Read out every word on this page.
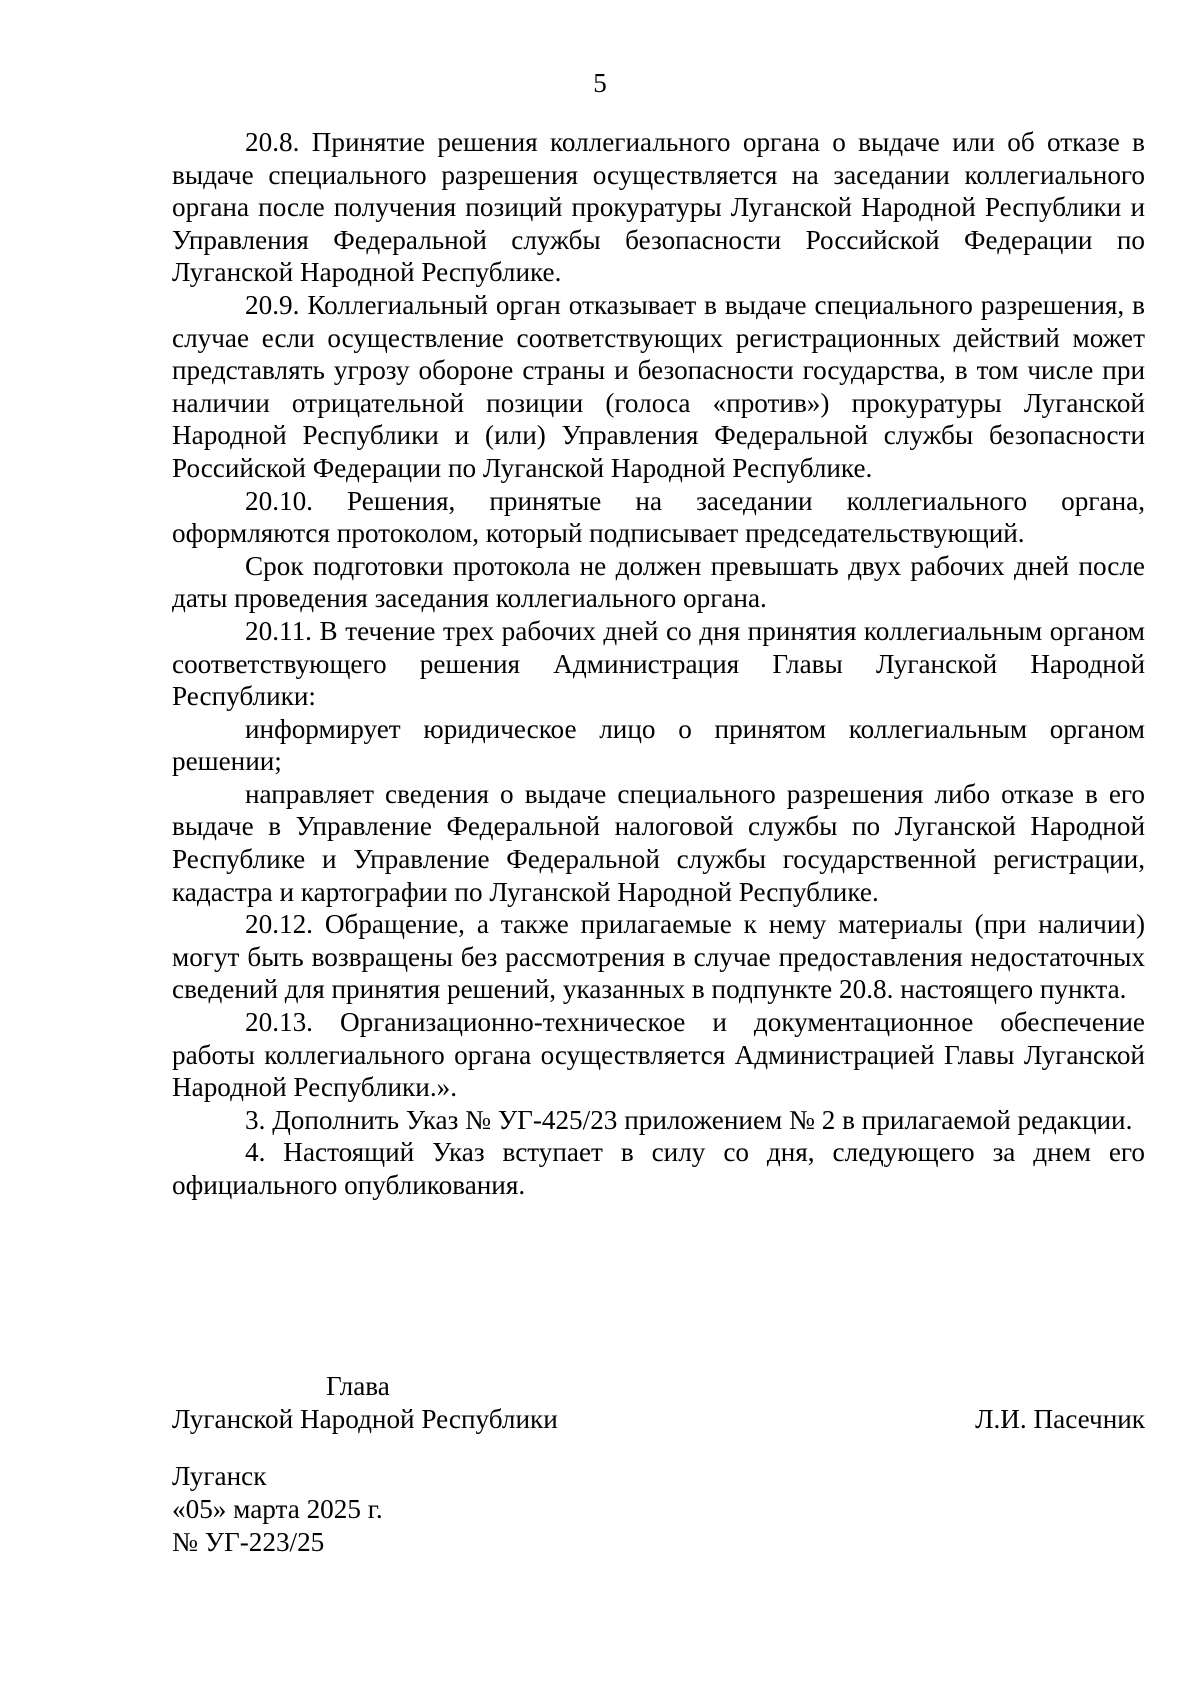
5

20.8. Принятие решения коллегиального органа о выдаче или об отказе в выдаче специального разрешения осуществляется на заседании коллегиального органа после получения позиций прокуратуры Луганской Народной Республики и Управления Федеральной службы безопасности Российской Федерации по Луганской Народной Республике.

20.9. Коллегиальный орган отказывает в выдаче специального разрешения, в случае если осуществление соответствующих регистрационных действий может представлять угрозу обороне страны и безопасности государства, в том числе при наличии отрицательной позиции (голоса «против») прокуратуры Луганской Народной Республики и (или) Управления Федеральной службы безопасности Российской Федерации по Луганской Народной Республике.

20.10. Решения, принятые на заседании коллегиального органа, оформляются протоколом, который подписывает председательствующий.

Срок подготовки протокола не должен превышать двух рабочих дней после даты проведения заседания коллегиального органа.

20.11. В течение трех рабочих дней со дня принятия коллегиальным органом соответствующего решения Администрация Главы Луганской Народной Республики:

информирует юридическое лицо о принятом коллегиальным органом решении;

направляет сведения о выдаче специального разрешения либо отказе в его выдаче в Управление Федеральной налоговой службы по Луганской Народной Республике и Управление Федеральной службы государственной регистрации, кадастра и картографии по Луганской Народной Республике.

20.12. Обращение, а также прилагаемые к нему материалы (при наличии) могут быть возвращены без рассмотрения в случае предоставления недостаточных сведений для принятия решений, указанных в подпункте 20.8. настоящего пункта.

20.13. Организационно-техническое и документационное обеспечение работы коллегиального органа осуществляется Администрацией Главы Луганской Народной Республики.».

3. Дополнить Указ № УГ-425/23 приложением № 2 в прилагаемой редакции.

4. Настоящий Указ вступает в силу со дня, следующего за днем его официального опубликования.

Глава
Луганской Народной Республики	Л.И. Пасечник
Луганск
«05» марта 2025 г.
№ УГ-223/25
